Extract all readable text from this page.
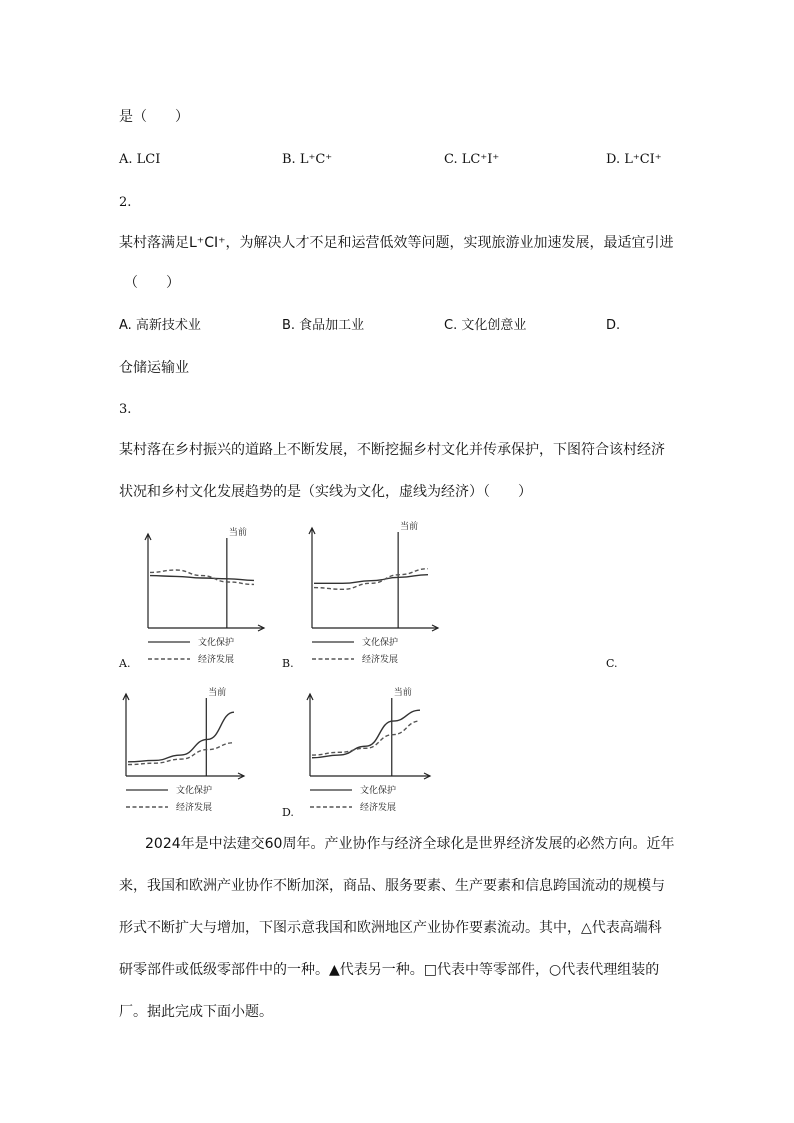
是（　　）
A. LCI	B. L⁺C⁺	C. LC⁺I⁺	D. L⁺CI⁺
2.
某村落满足L⁺CI⁺，为解决人才不足和运营低效等问题，实现旅游业加速发展，最适宜引进
（　　）
A. 高新技术业	B. 食品加工业	C. 文化创意业	D.
仓储运输业
3.
某村落在乡村振兴的道路上不断发展，不断挖掘乡村文化并传承保护，下图符合该村经济
状况和乡村文化发展趋势的是（实线为文化，虚线为经济）（　　）
当前
文化保护
经济发展
A.
当前
文化保护
经济发展
B.	C.
当前
文化保护
经济发展
当前
文化保护
经济发展
D.
2024年是中法建交60周年。产业协作与经济全球化是世界经济发展的必然方向。近年
来，我国和欧洲产业协作不断加深，商品、服务要素、生产要素和信息跨国流动的规模与
形式不断扩大与增加，下图示意我国和欧洲地区产业协作要素流动。其中，△代表高端科
研零部件或低级零部件中的一种。▲代表另一种。□代表中等零部件，○代表代理组装的
厂。据此完成下面小题。
